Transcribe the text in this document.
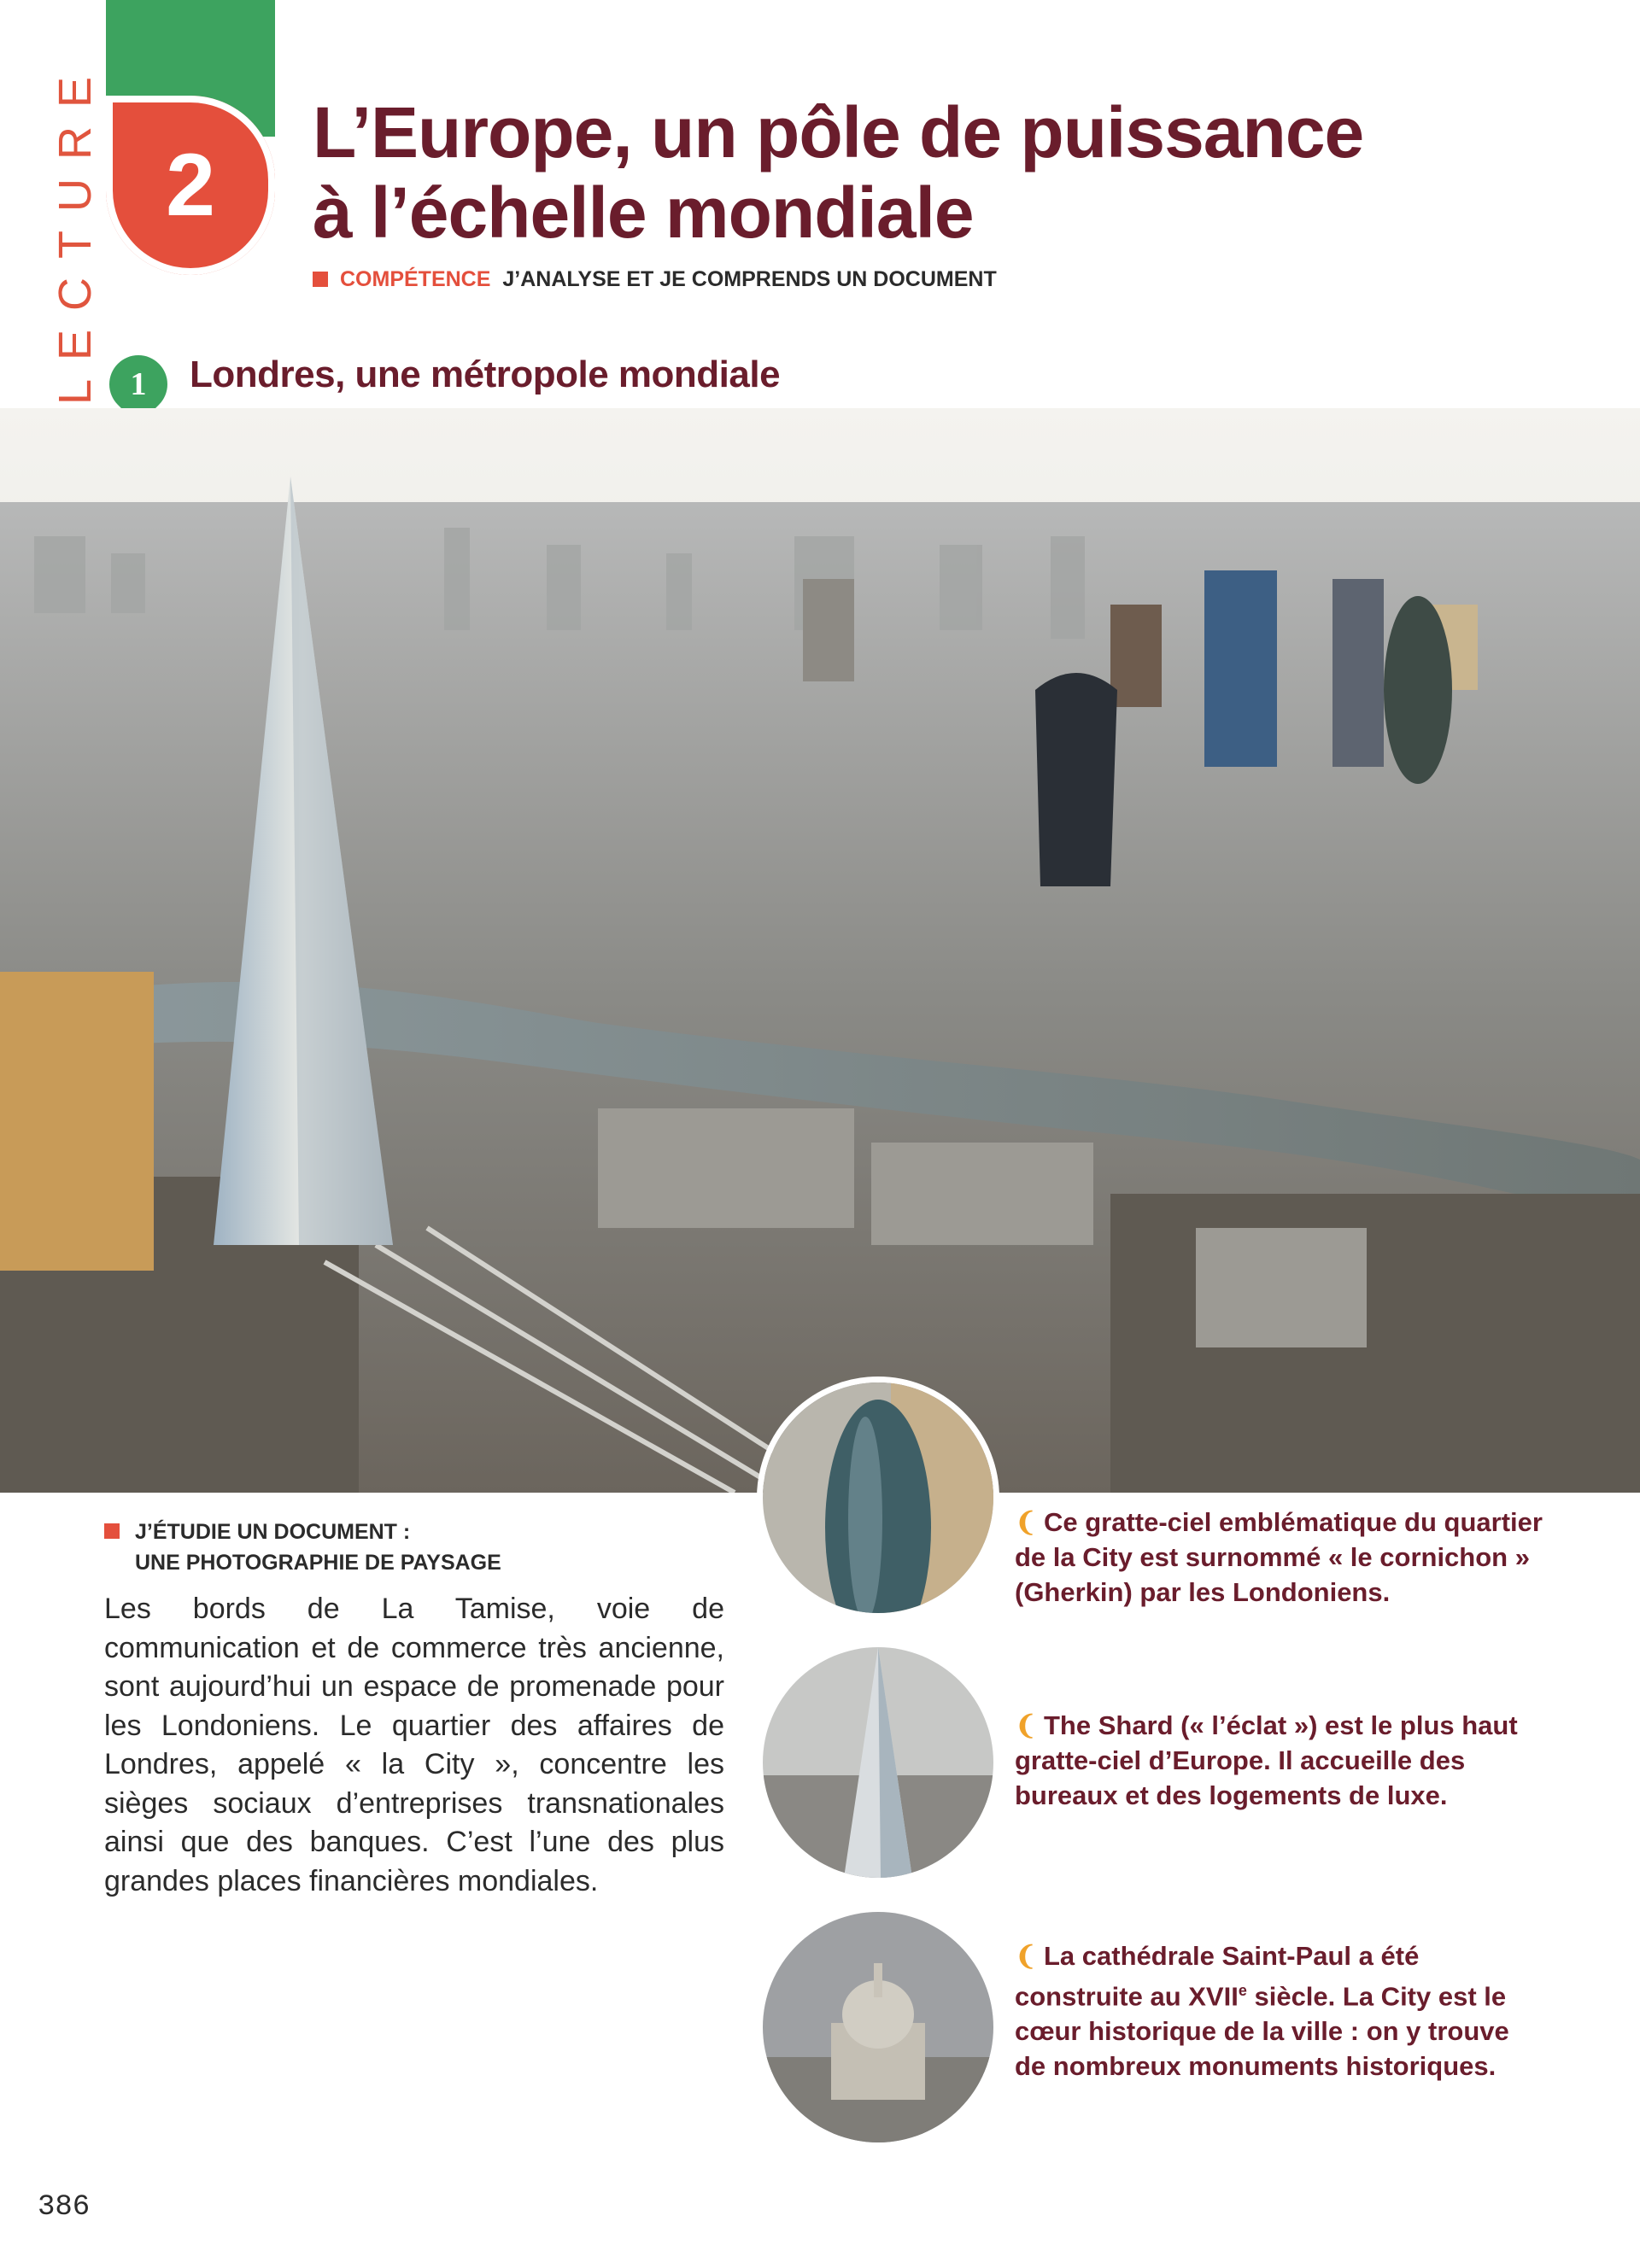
LECTURE 2
L’Europe, un pôle de puissance
à l’échelle mondiale
COMPÉTENCE J’ANALYSE ET JE COMPRENDS UN DOCUMENT
1	Londres, une métropole mondiale
J’ÉTUDIE UN DOCUMENT :
UNE PHOTOGRAPHIE DE PAYSAGE
Les bords de La Tamise, voie de communication et de commerce très ancienne, sont aujourd’hui un espace de promenade pour les Londoniens. Le quartier des affaires de Londres, appelé « la City », concentre les sièges sociaux d’entreprises transnationales ainsi que des banques. C’est l’une des plus grandes places financières mondiales.
❨ Ce gratte-ciel emblématique du quartier de la City est surnommé « le cornichon » (Gherkin) par les Londoniens.
❨ The Shard (« l’éclat ») est le plus haut gratte-ciel d’Europe. Il accueille des bureaux et des logements de luxe.
❨ La cathédrale Saint-Paul a été construite au XVIIe siècle. La City est le cœur historique de la ville : on y trouve de nombreux monuments historiques.
386
